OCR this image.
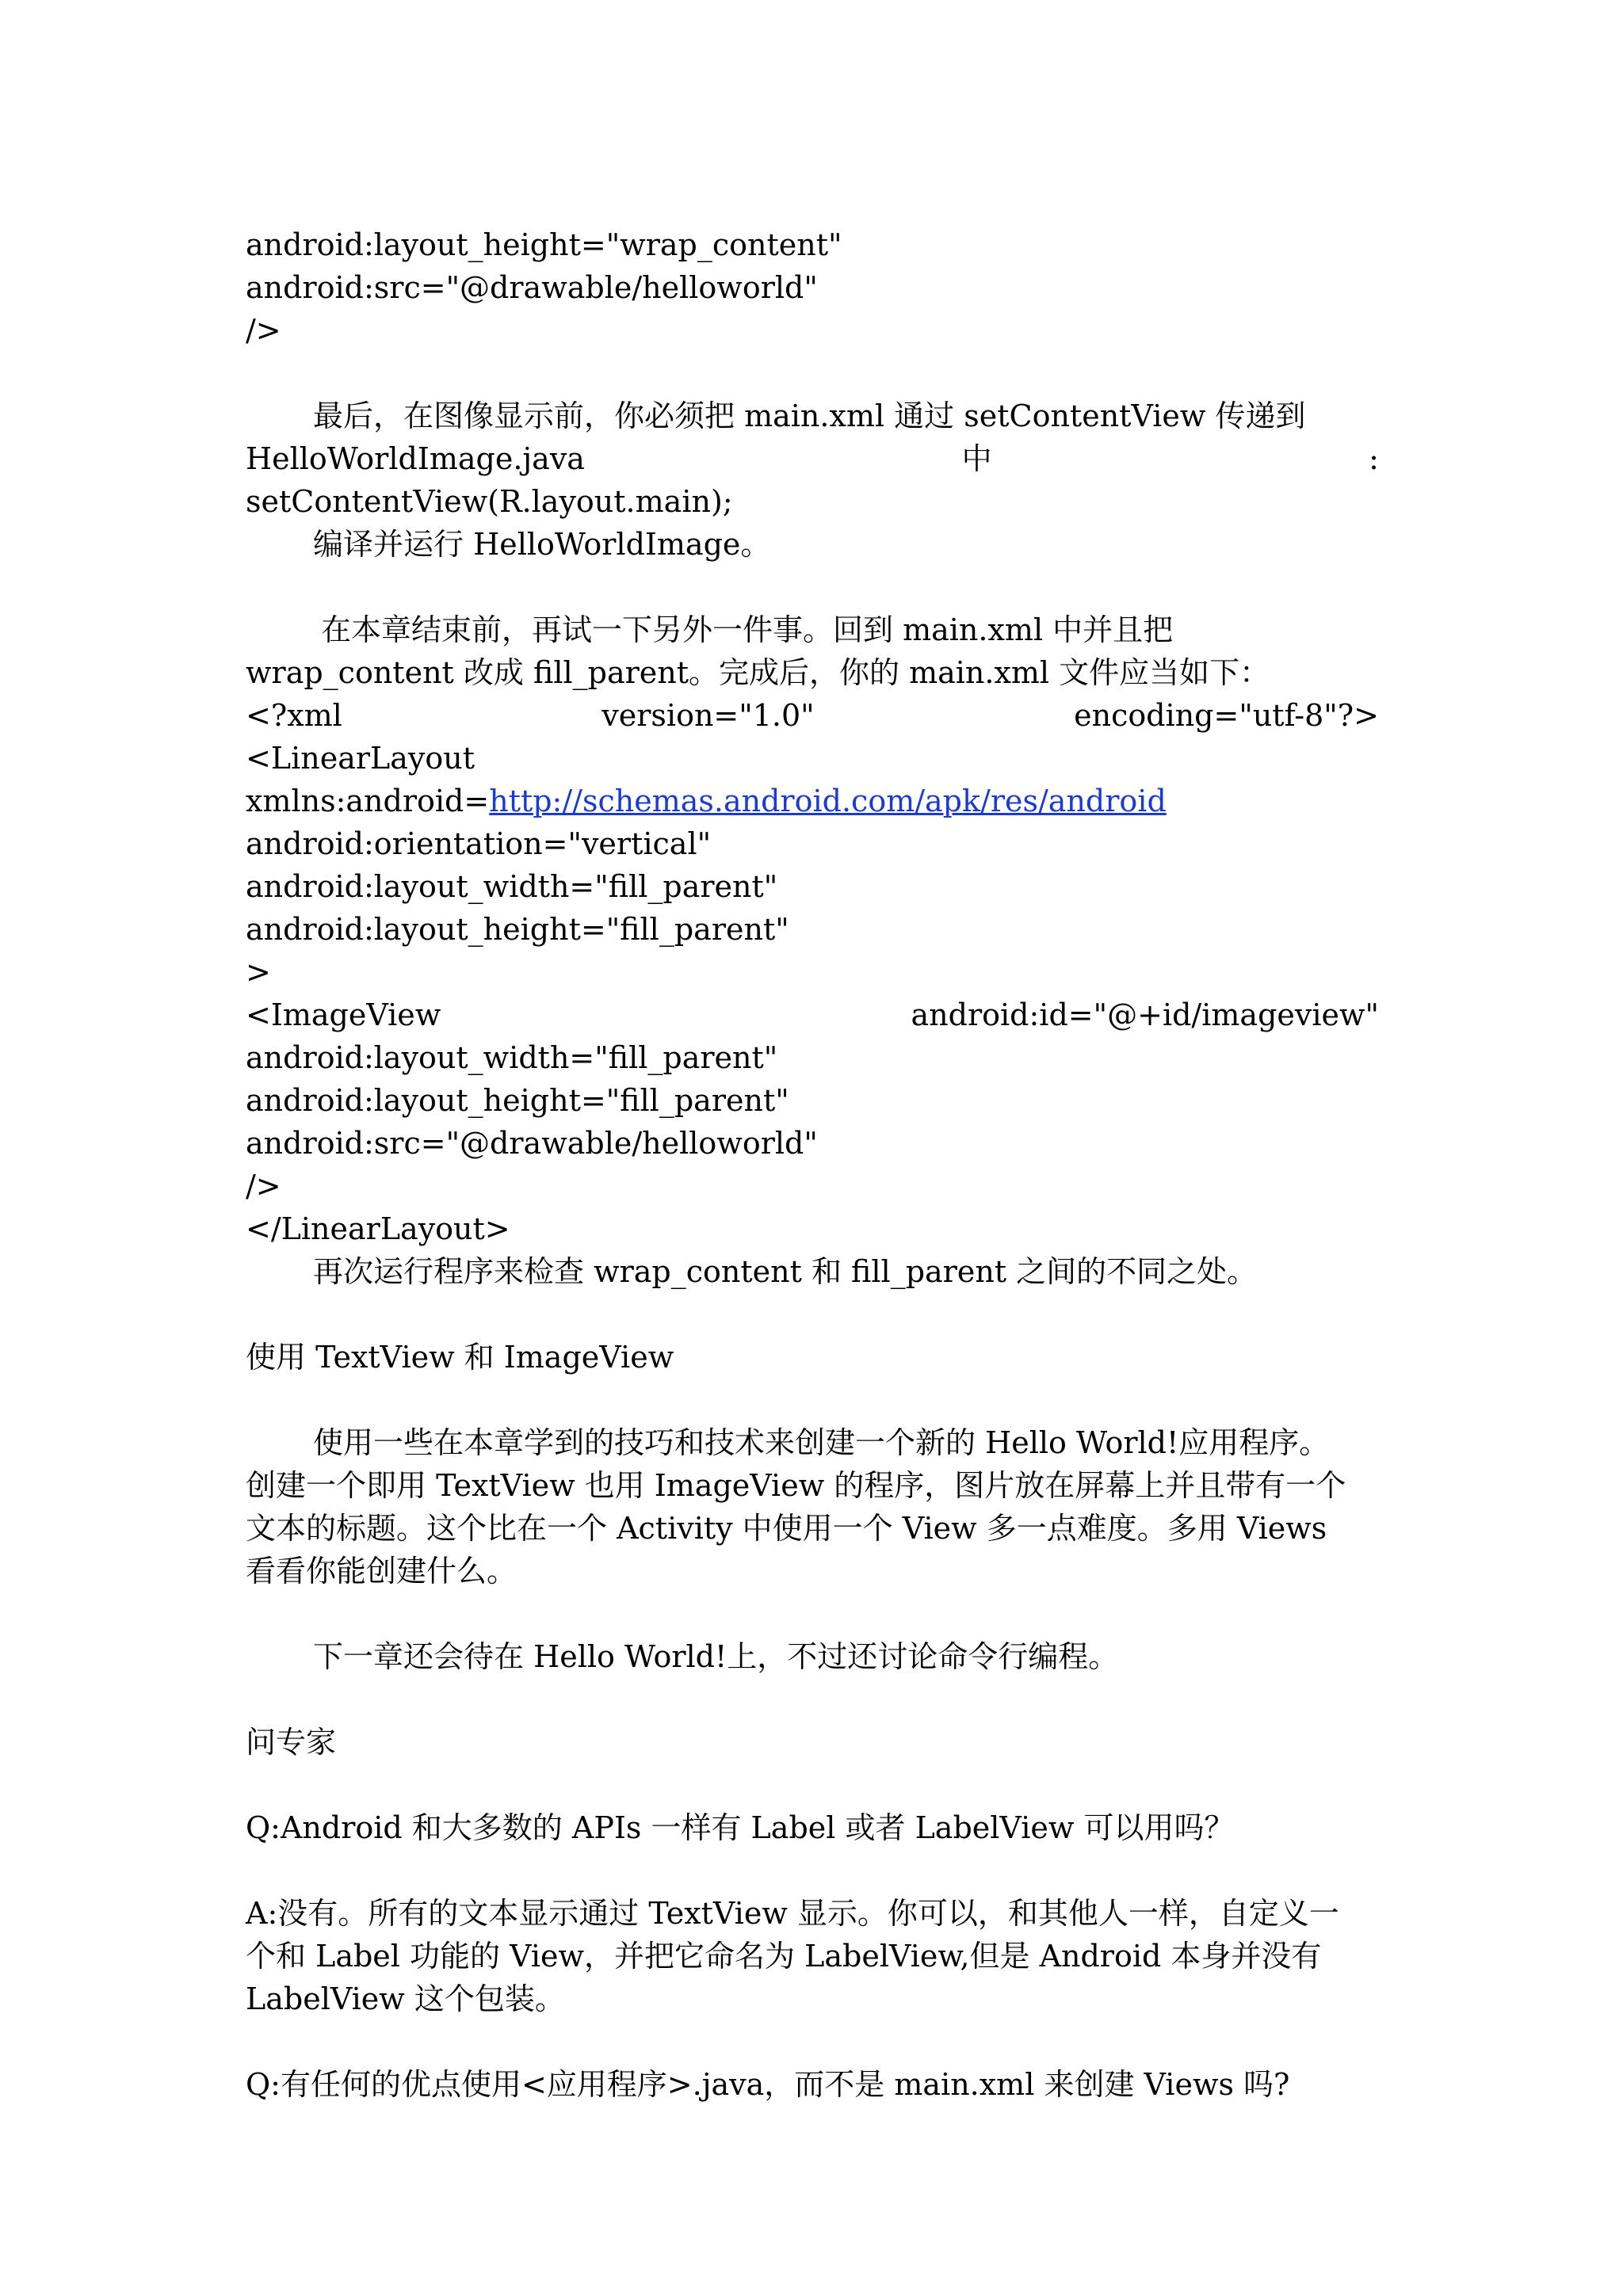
android:layout_height="wrap_content"

android:src="@drawable/helloworld"

/>

最后，在图像显示前，你必须把 main.xml 通过 setContentView 传递到

HelloWorldImage.java	中	:

setContentView(R.layout.main);

编译并运行 HelloWorldImage。

在本章结束前，再试一下另外一件事。回到 main.xml 中并且把

wrap_content 改成 fill_parent。完成后，你的 main.xml 文件应当如下：

<?xml	version="1.0"	encoding="utf-8"?>

<LinearLayout

xmlns:android=http://schemas.android.com/apk/res/android

android:orientation="vertical"

android:layout_width="fill_parent"

android:layout_height="fill_parent"

>

<ImageView	android:id="@+id/imageview"

android:layout_width="fill_parent"

android:layout_height="fill_parent"

android:src="@drawable/helloworld"

/>

</LinearLayout>

再次运行程序来检查 wrap_content 和 fill_parent 之间的不同之处。

使用 TextView 和 ImageView

使用一些在本章学到的技巧和技术来创建一个新的 Hello World!应用程序。

创建一个即用 TextView 也用 ImageView 的程序，图片放在屏幕上并且带有一个

文本的标题。这个比在一个 Activity 中使用一个 View 多一点难度。多用 Views

看看你能创建什么。

下一章还会待在 Hello World!上，不过还讨论命令行编程。

问专家

Q:Android 和大多数的 APIs 一样有 Label 或者 LabelView 可以用吗？

A:没有。所有的文本显示通过 TextView 显示。你可以，和其他人一样，自定义一

个和 Label 功能的 View，并把它命名为 LabelView,但是 Android 本身并没有

LabelView 这个包装。

Q:有任何的优点使用<应用程序>.java，而不是 main.xml 来创建 Views 吗?
